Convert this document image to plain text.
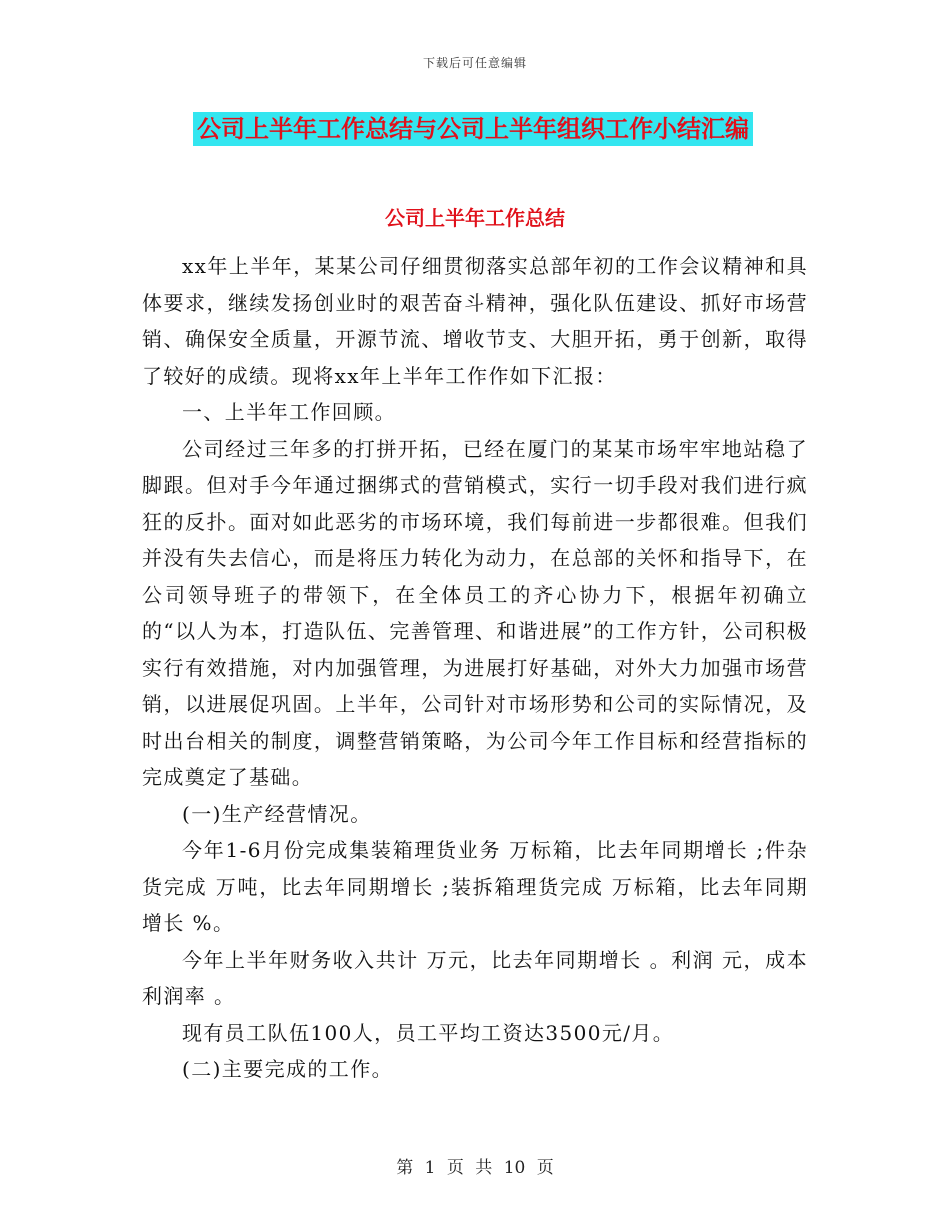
下载后可任意编辑
公司上半年工作总结与公司上半年组织工作小结汇编
公司上半年工作总结

xx年上半年，某某公司仔细贯彻落实总部年初的工作会议精神和具体要求，继续发扬创业时的艰苦奋斗精神，强化队伍建设、抓好市场营销、确保安全质量，开源节流、增收节支、大胆开拓，勇于创新，取得了较好的成绩。现将xx年上半年工作作如下汇报：

一、上半年工作回顾。

公司经过三年多的打拼开拓，已经在厦门的某某市场牢牢地站稳了脚跟。但对手今年通过捆绑式的营销模式，实行一切手段对我们进行疯狂的反扑。面对如此恶劣的市场环境，我们每前进一步都很难。但我们并没有失去信心，而是将压力转化为动力，在总部的关怀和指导下，在公司领导班子的带领下，在全体员工的齐心协力下，根据年初确立的“以人为本，打造队伍、完善管理、和谐进展”的工作方针，公司积极实行有效措施，对内加强管理，为进展打好基础，对外大力加强市场营销，以进展促巩固。上半年，公司针对市场形势和公司的实际情况，及时出台相关的制度，调整营销策略，为公司今年工作目标和经营指标的完成奠定了基础。

(一)生产经营情况。

今年1-6月份完成集装箱理货业务 万标箱，比去年同期增长 ;件杂货完成 万吨，比去年同期增长 ;装拆箱理货完成 万标箱，比去年同期增长 %。

今年上半年财务收入共计 万元，比去年同期增长 。利润 元，成本利润率 。

现有员工队伍100人，员工平均工资达3500元/月。

(二)主要完成的工作。

第 1 页 共 10 页
